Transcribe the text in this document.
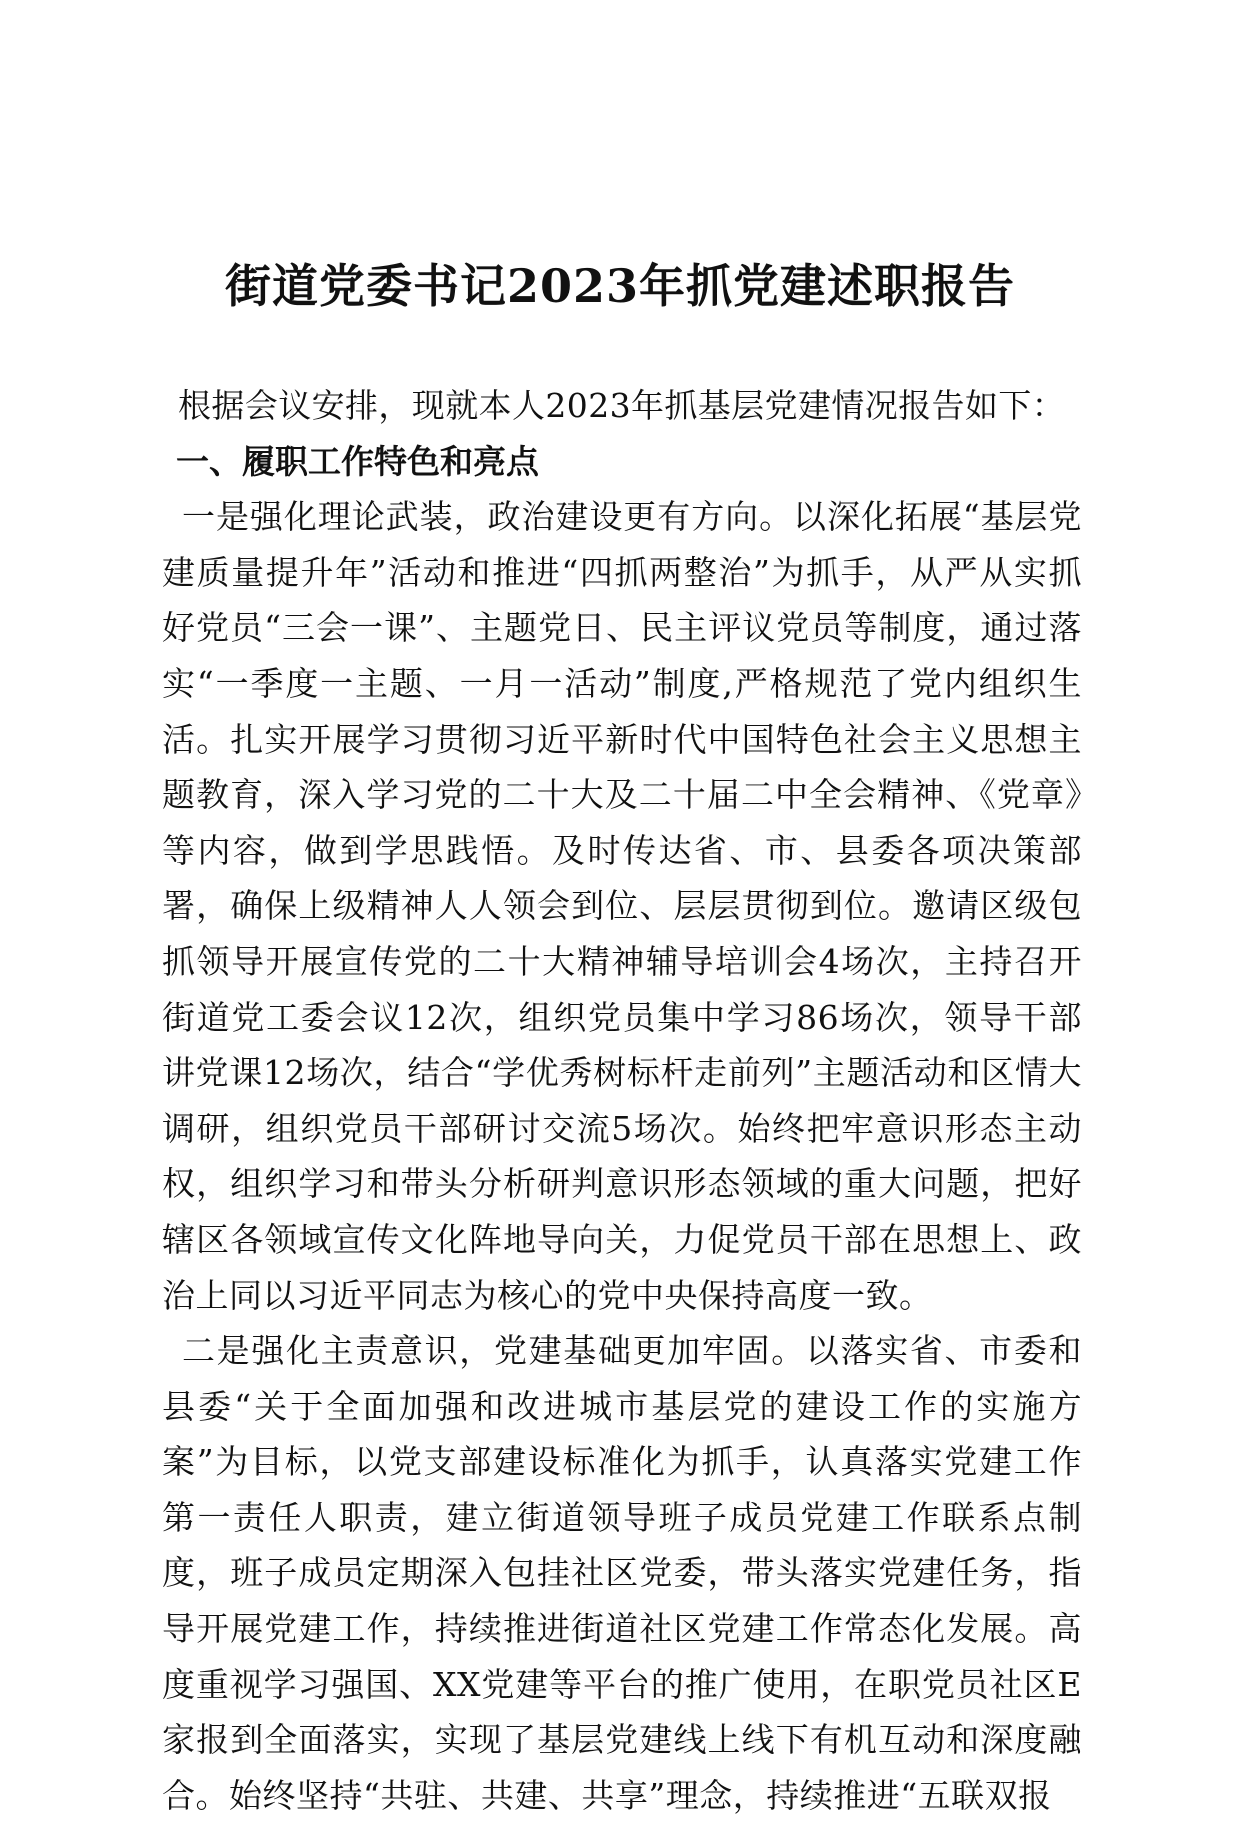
街道党委书记2023年抓党建述职报告

根据会议安排，现就本人2023年抓基层党建情况报告如下：

一、履职工作特色和亮点

一是强化理论武装，政治建设更有方向。以深化拓展“基层党建质量提升年”活动和推进“四抓两整治”为抓手，从严从实抓好党员“三会一课”、主题党日、民主评议党员等制度，通过落实“一季度一主题、一月一活动”制度,严格规范了党内组织生活。扎实开展学习贯彻习近平新时代中国特色社会主义思想主题教育，深入学习党的二十大及二十届二中全会精神、《党章》等内容，做到学思践悟。及时传达省、市、县委各项决策部署，确保上级精神人人领会到位、层层贯彻到位。邀请区级包抓领导开展宣传党的二十大精神辅导培训会4场次，主持召开街道党工委会议12次，组织党员集中学习86场次，领导干部讲党课12场次，结合“学优秀树标杆走前列”主题活动和区情大调研，组织党员干部研讨交流5场次。始终把牢意识形态主动权，组织学习和带头分析研判意识形态领域的重大问题，把好辖区各领域宣传文化阵地导向关，力促党员干部在思想上、政治上同以习近平同志为核心的党中央保持高度一致。

二是强化主责意识，党建基础更加牢固。以落实省、市委和县委“关于全面加强和改进城市基层党的建设工作的实施方案”为目标，以党支部建设标准化为抓手，认真落实党建工作第一责任人职责，建立街道领导班子成员党建工作联系点制度，班子成员定期深入包挂社区党委，带头落实党建任务，指导开展党建工作，持续推进街道社区党建工作常态化发展。高度重视学习强国、XX党建等平台的推广使用，在职党员社区E家报到全面落实，实现了基层党建线上线下有机互动和深度融合。始终坚持“共驻、共建、共享”理念，持续推进“五联双报
